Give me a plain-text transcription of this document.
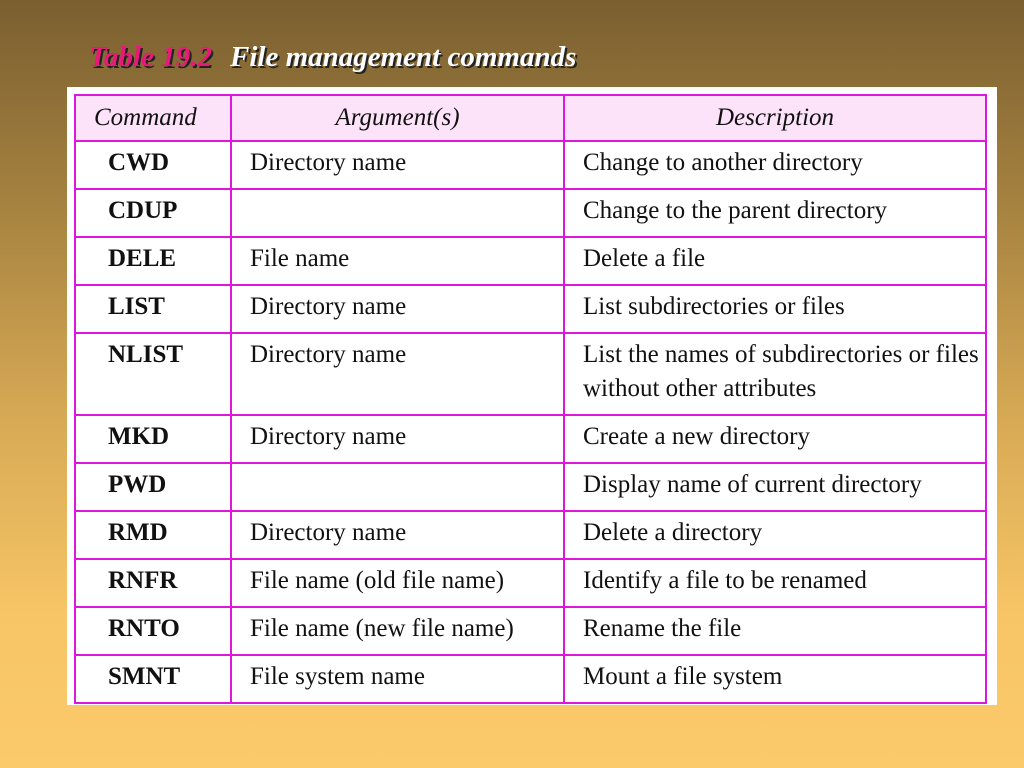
Table 19.2 File management commands
Command	Argument(s)	Description
CWD	Directory name	Change to another directory
CDUP		Change to the parent directory
DELE	File name	Delete a file
LIST	Directory name	List subdirectories or files
NLIST	Directory name	List the names of subdirectories or files without other attributes
MKD	Directory name	Create a new directory
PWD		Display name of current directory
RMD	Directory name	Delete a directory
RNFR	File name (old file name)	Identify a file to be renamed
RNTO	File name (new file name)	Rename the file
SMNT	File system name	Mount a file system
